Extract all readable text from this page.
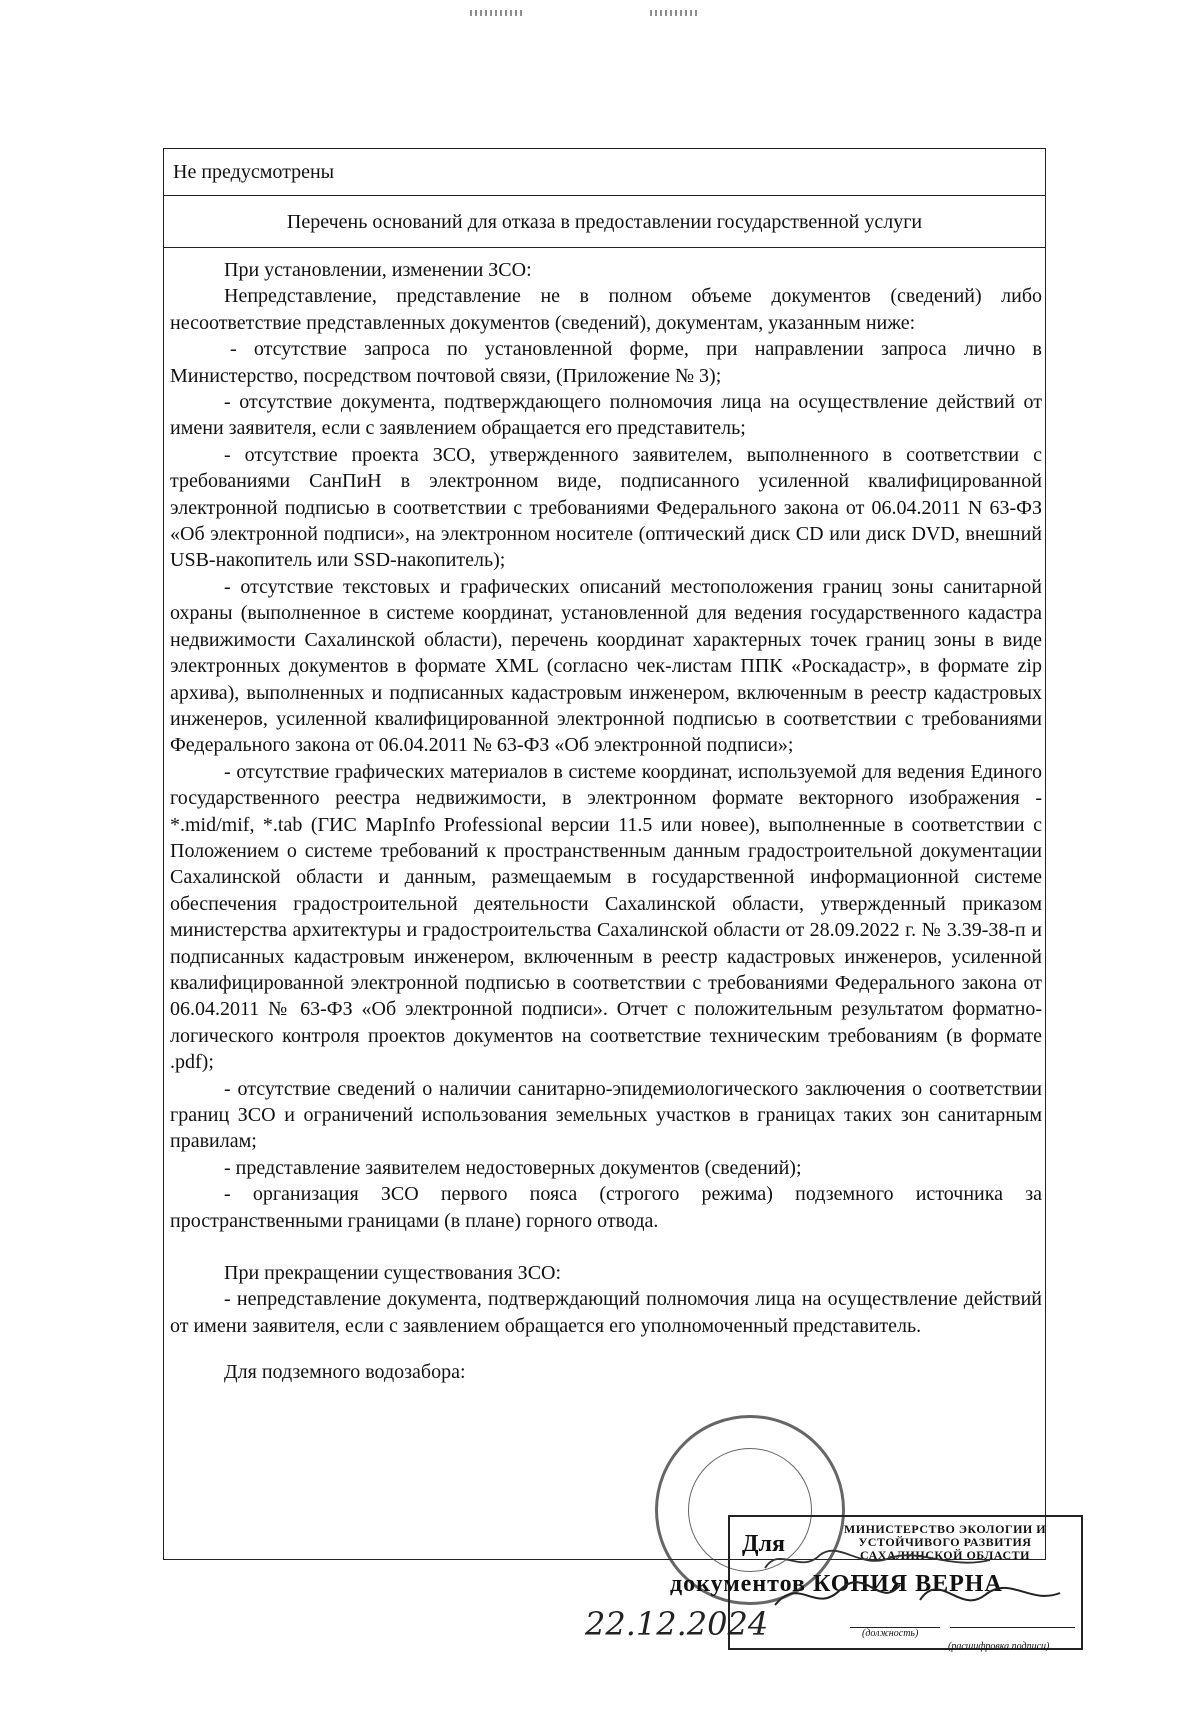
Не предусмотрены
Перечень оснований для отказа в предоставлении государственной услуги

При установлении, изменении ЗСО:

Непредставление, представление не в полном объеме документов (сведений) либо несоответствие представленных документов (сведений), документам, указанным ниже:

- отсутствие запроса по установленной форме, при направлении запроса лично в Министерство, посредством почтовой связи, (Приложение № 3);

- отсутствие документа, подтверждающего полномочия лица на осуществление действий от имени заявителя, если с заявлением обращается его представитель;

- отсутствие проекта ЗСО, утвержденного заявителем, выполненного в соответствии с требованиями СанПиН в электронном виде, подписанного усиленной квалифицированной электронной подписью в соответствии с требованиями Федерального закона от 06.04.2011 N 63-ФЗ «Об электронной подписи», на электронном носителе (оптический диск CD или диск DVD, внешний USB-накопитель или SSD-накопитель);

- отсутствие текстовых и графических описаний местоположения границ зоны санитарной охраны (выполненное в системе координат, установленной для ведения государственного кадастра недвижимости Сахалинской области), перечень координат характерных точек границ зоны в виде электронных документов в формате XML (согласно чек-листам ППК «Роскадастр», в формате zip архива), выполненных и подписанных кадастровым инженером, включенным в реестр кадастровых инженеров, усиленной квалифицированной электронной подписью в соответствии с требованиями Федерального закона от 06.04.2011 № 63-ФЗ «Об электронной подписи»;

- отсутствие графических материалов в системе координат, используемой для ведения Единого государственного реестра недвижимости, в электронном формате векторного изображения - *.mid/mif, *.tab (ГИС MapInfo Professional версии 11.5 или новее), выполненные в соответствии с Положением о системе требований к пространственным данным градостроительной документации Сахалинской области и данным, размещаемым в государственной информационной системе обеспечения градостроительной деятельности Сахалинской области, утвержденный приказом министерства архитектуры и градостроительства Сахалинской области от 28.09.2022 г. № 3.39-38-п и подписанных кадастровым инженером, включенным в реестр кадастровых инженеров, усиленной квалифицированной электронной подписью в соответствии с требованиями Федерального закона от 06.04.2011 № 63-ФЗ «Об электронной подписи». Отчет с положительным результатом форматно-логического контроля проектов документов на соответствие техническим требованиям (в формате .pdf);

- отсутствие сведений о наличии санитарно-эпидемиологического заключения о соответствии границ ЗСО и ограничений использования земельных участков в границах таких зон санитарным правилам;

- представление заявителем недостоверных документов (сведений);

- организация ЗСО первого пояса (строгого режима) подземного источника за пространственными границами (в плане) горного отвода.

При прекращении существования ЗСО:

- непредставление документа, подтверждающий полномочия лица на осуществление действий от имени заявителя, если с заявлением обращается его уполномоченный представитель.

Для подземного водозабора:

Для
МИНИСТЕРСТВО ЭКОЛОГИИ И УСТОЙЧИВОГО РАЗВИТИЯ САХАЛИНСКОЙ ОБЛАСТИ
документов КОПИЯ ВЕРНА
(должность)
(расшифровка подписи)
22.12.2024
